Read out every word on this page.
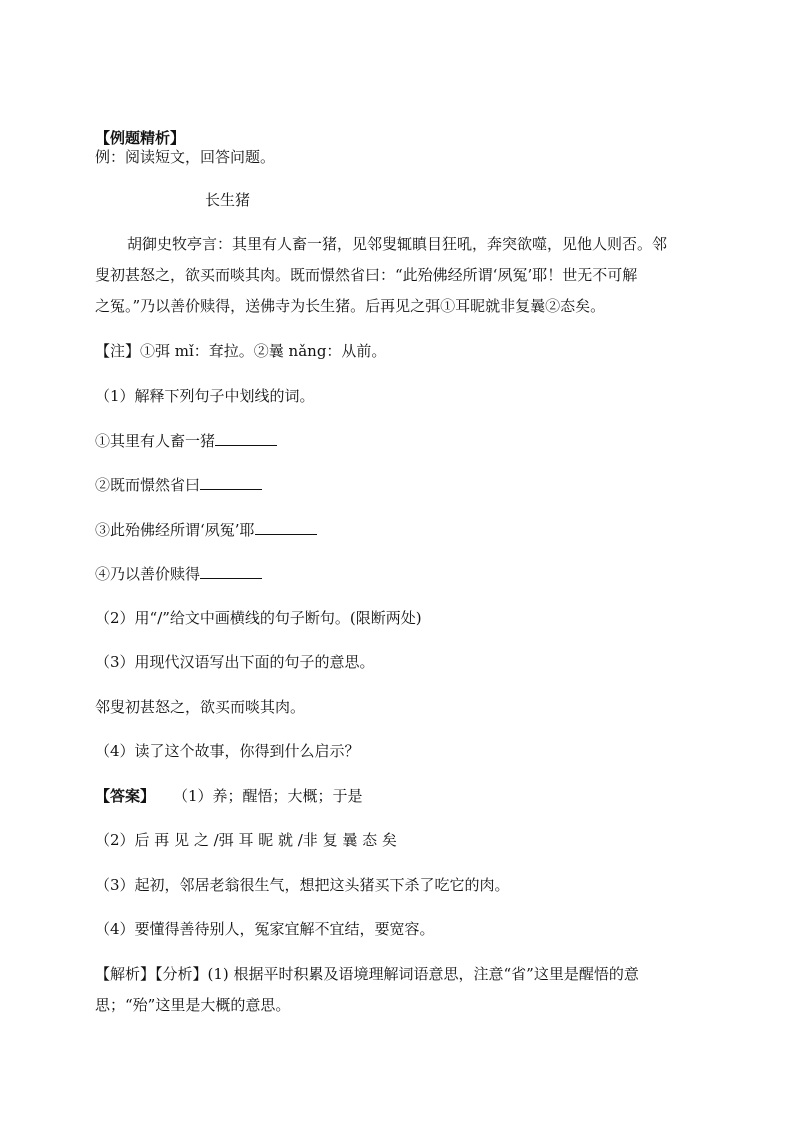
【例题精析】
例：阅读短文，回答问题。
长生猪
胡御史牧亭言：其里有人畜一猪，见邻叟辄瞋目狂吼，奔突欲噬，见他人则否。邻
叟初甚怒之，欲买而啖其肉。既而憬然省曰：“此殆佛经所谓‘夙冤’耶！世无不可解
之冤。”乃以善价赎得，送佛寺为长生猪。后再见之弭①耳昵就非复曩②态矣。
【注】①弭 mǐ：耷拉。②曩 nǎng：从前。
（1）解释下列句子中划线的词。
①其里有人畜一猪
②既而憬然省曰
③此殆佛经所谓‘夙冤’耶
④乃以善价赎得
（2）用“/”给文中画横线的句子断句。(限断两处)
（3）用现代汉语写出下面的句子的意思。
邻叟初甚怒之，欲买而啖其肉。
（4）读了这个故事，你得到什么启示？
【答案】 （1）养；醒悟；大概；于是
（2）后 再 见 之 /弭 耳 昵 就 /非 复 曩 态 矣
（3）起初，邻居老翁很生气，想把这头猪买下杀了吃它的肉。
（4）要懂得善待别人，冤家宜解不宜结，要宽容。
【解析】【分析】(1) 根据平时积累及语境理解词语意思，注意“省”这里是醒悟的意
思；“殆”这里是大概的意思。
